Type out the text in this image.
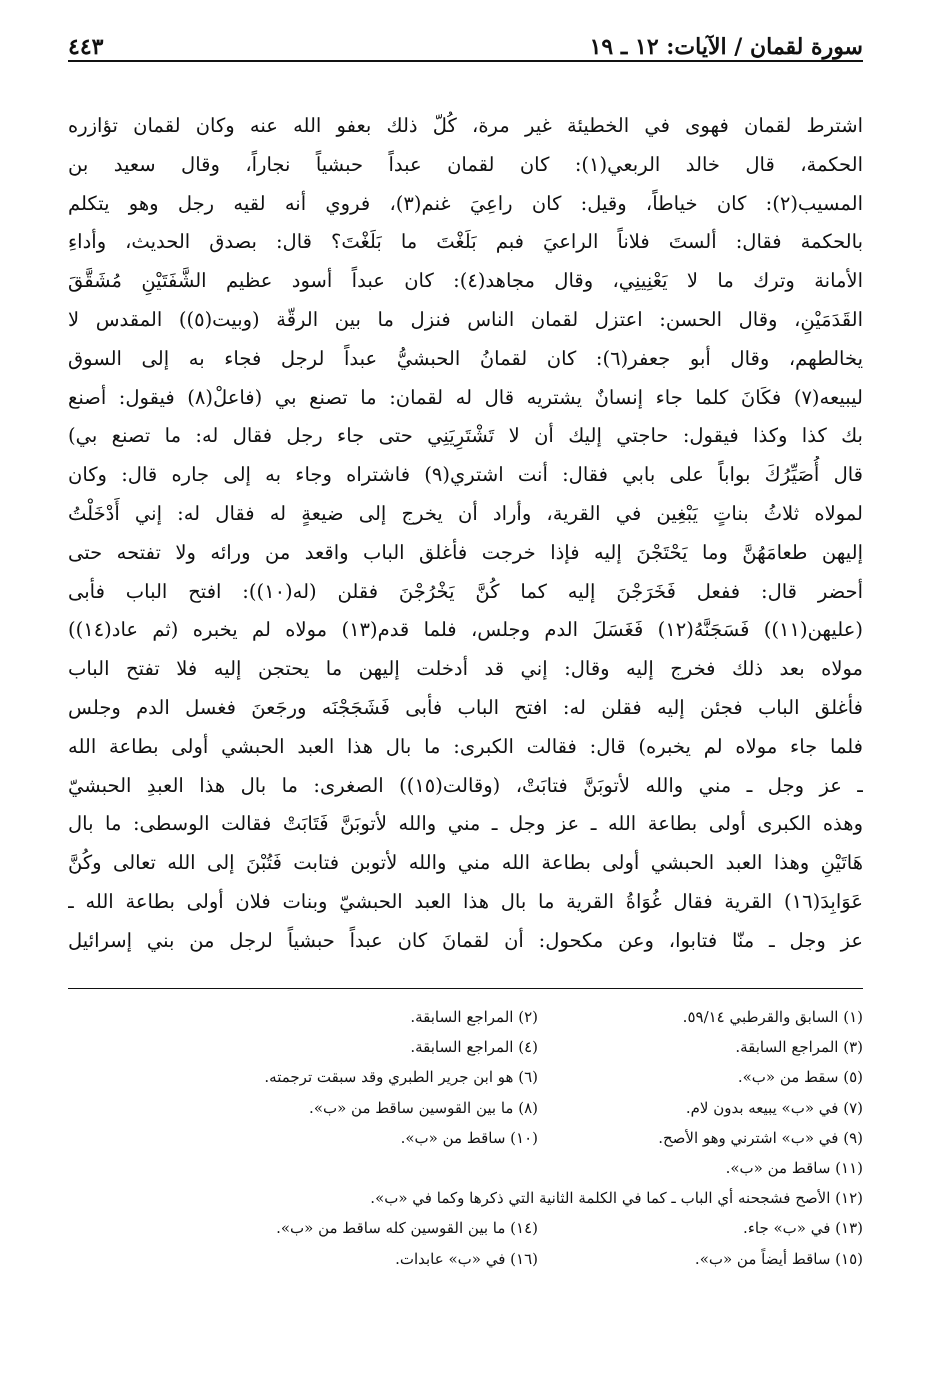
سورة لقمان / الآيات: ١٢ ـ ١٩
٤٤٣
اشترط لقمان فهوى في الخطيئة غير مرة، كُلّ ذلك بعفو الله عنه وكان لقمان تؤازره
الحكمة، قال خالد الربعي(١): كان لقمان عبداً حبشياً نجاراً، وقال سعيد بن
المسيب(٢): كان خياطاً، وقيل: كان راعِيَ غنم(٣)، فروي أنه لقيه رجل وهو يتكلم
بالحكمة فقال: ألستَ فلاناً الراعيَ فبم بَلَغْتَ ما بَلَغْتَ؟ قال: بصدق الحديث، وأداءِ
الأمانة وترك ما لا يَعْنِينِي، وقال مجاهد(٤): كان عبداً أسود عظيم الشَّفَتَيْنِ مُشَقَّقَ
القَدَمَيْنِ، وقال الحسن: اعتزل لقمان الناس فنزل ما بين الرقّة (وبيت(٥)) المقدس لا
يخالطهم، وقال أبو جعفر(٦): كان لقمانُ الحبشيُّ عبداً لرجل فجاء به إلى السوق
ليبيعه(٧) فكَانَ كلما جاء إنسانٌ يشتريه قال له لقمان: ما تصنع بي (فاعلْ(٨) فيقول: أصنع
بك كذا وكذا فيقول: حاجتي إليك أن لا تَشْتَرِيَنِي حتى جاء رجل فقال له: ما تصنع بي)
قال أُصَيِّرُكَ بواباً على بابي فقال: أنت اشتري(٩) فاشتراه وجاء به إلى جاره قال: وكان
لمولاه ثلاثُ بناتٍ يَبْغِين في القرية، وأراد أن يخرج إلى ضيعةٍ له فقال له: إني أَدْخَلْتُ
إليهن طعامَهُنَّ وما يَحْتَجْنَ إليه فإذا خرجت فأغلق الباب واقعد من ورائه ولا تفتحه حتى
أحضر قال: ففعل فَخَرَجْنَ إليه كما كُنَّ يَخْرُجْنَ فقلن (له(١٠)): افتح الباب فأبى
(عليهن(١١)) فَسَجَنَّهُ(١٢) فَغَسَلَ الدم وجلس، فلما قدم(١٣) مولاه لم يخبره (ثم عاد(١٤))
مولاه بعد ذلك فخرج إليه وقال: إني قد أدخلت إليهن ما يحتجن إليه فلا تفتح الباب
فأغلق الباب فجئن إليه فقلن له: افتح الباب فأبى فَشَجَجْنَه ورجَعنَ فغسل الدم وجلس
فلما جاء مولاه لم يخبره) قال: فقالت الكبرى: ما بال هذا العبد الحبشي أولى بطاعة الله
ـ عز وجل ـ مني والله لأتوبَنَّ فتابَتْ، (وقالت(١٥)) الصغرى: ما بال هذا العبدِ الحبشيّ
وهذه الكبرى أولى بطاعة الله ـ عز وجل ـ مني والله لأتوبَنَّ فَتَابَتْ فقالت الوسطى: ما بال
هَاتَيْنِ وهذا العبد الحبشي أولى بطاعة الله مني والله لأتوبن فتابت فَتُبْنَ إلى الله تعالى وكُنَّ
عَوَابِدَ(١٦) القرية فقال غُوَاةُ القرية ما بال هذا العبد الحبشيّ وبنات فلان أولى بطاعة الله ـ
عز وجل ـ منّا فتابوا، وعن مكحول: أن لقمانَ كان عبداً حبشياً لرجل من بني إسرائيل
(١) السابق والقرطبي ٥٩/١٤.
(٢) المراجع السابقة.
(٣) المراجع السابقة.
(٤) المراجع السابقة.
(٥) سقط من «ب».
(٦) هو ابن جرير الطبري وقد سبقت ترجمته.
(٧) في «ب» يبيعه بدون لام.
(٨) ما بين القوسين ساقط من «ب».
(٩) في «ب» اشترني وهو الأصح.
(١٠) ساقط من «ب».
(١١) ساقط من «ب».
(١٢) الأصح فشجحنه أي الباب ـ كما في الكلمة الثانية التي ذكرها وكما في «ب».
(١٣) في «ب» جاء.
(١٤) ما بين القوسين كله ساقط من «ب».
(١٥) ساقط أيضاً من «ب».
(١٦) في «ب» عابدات.
